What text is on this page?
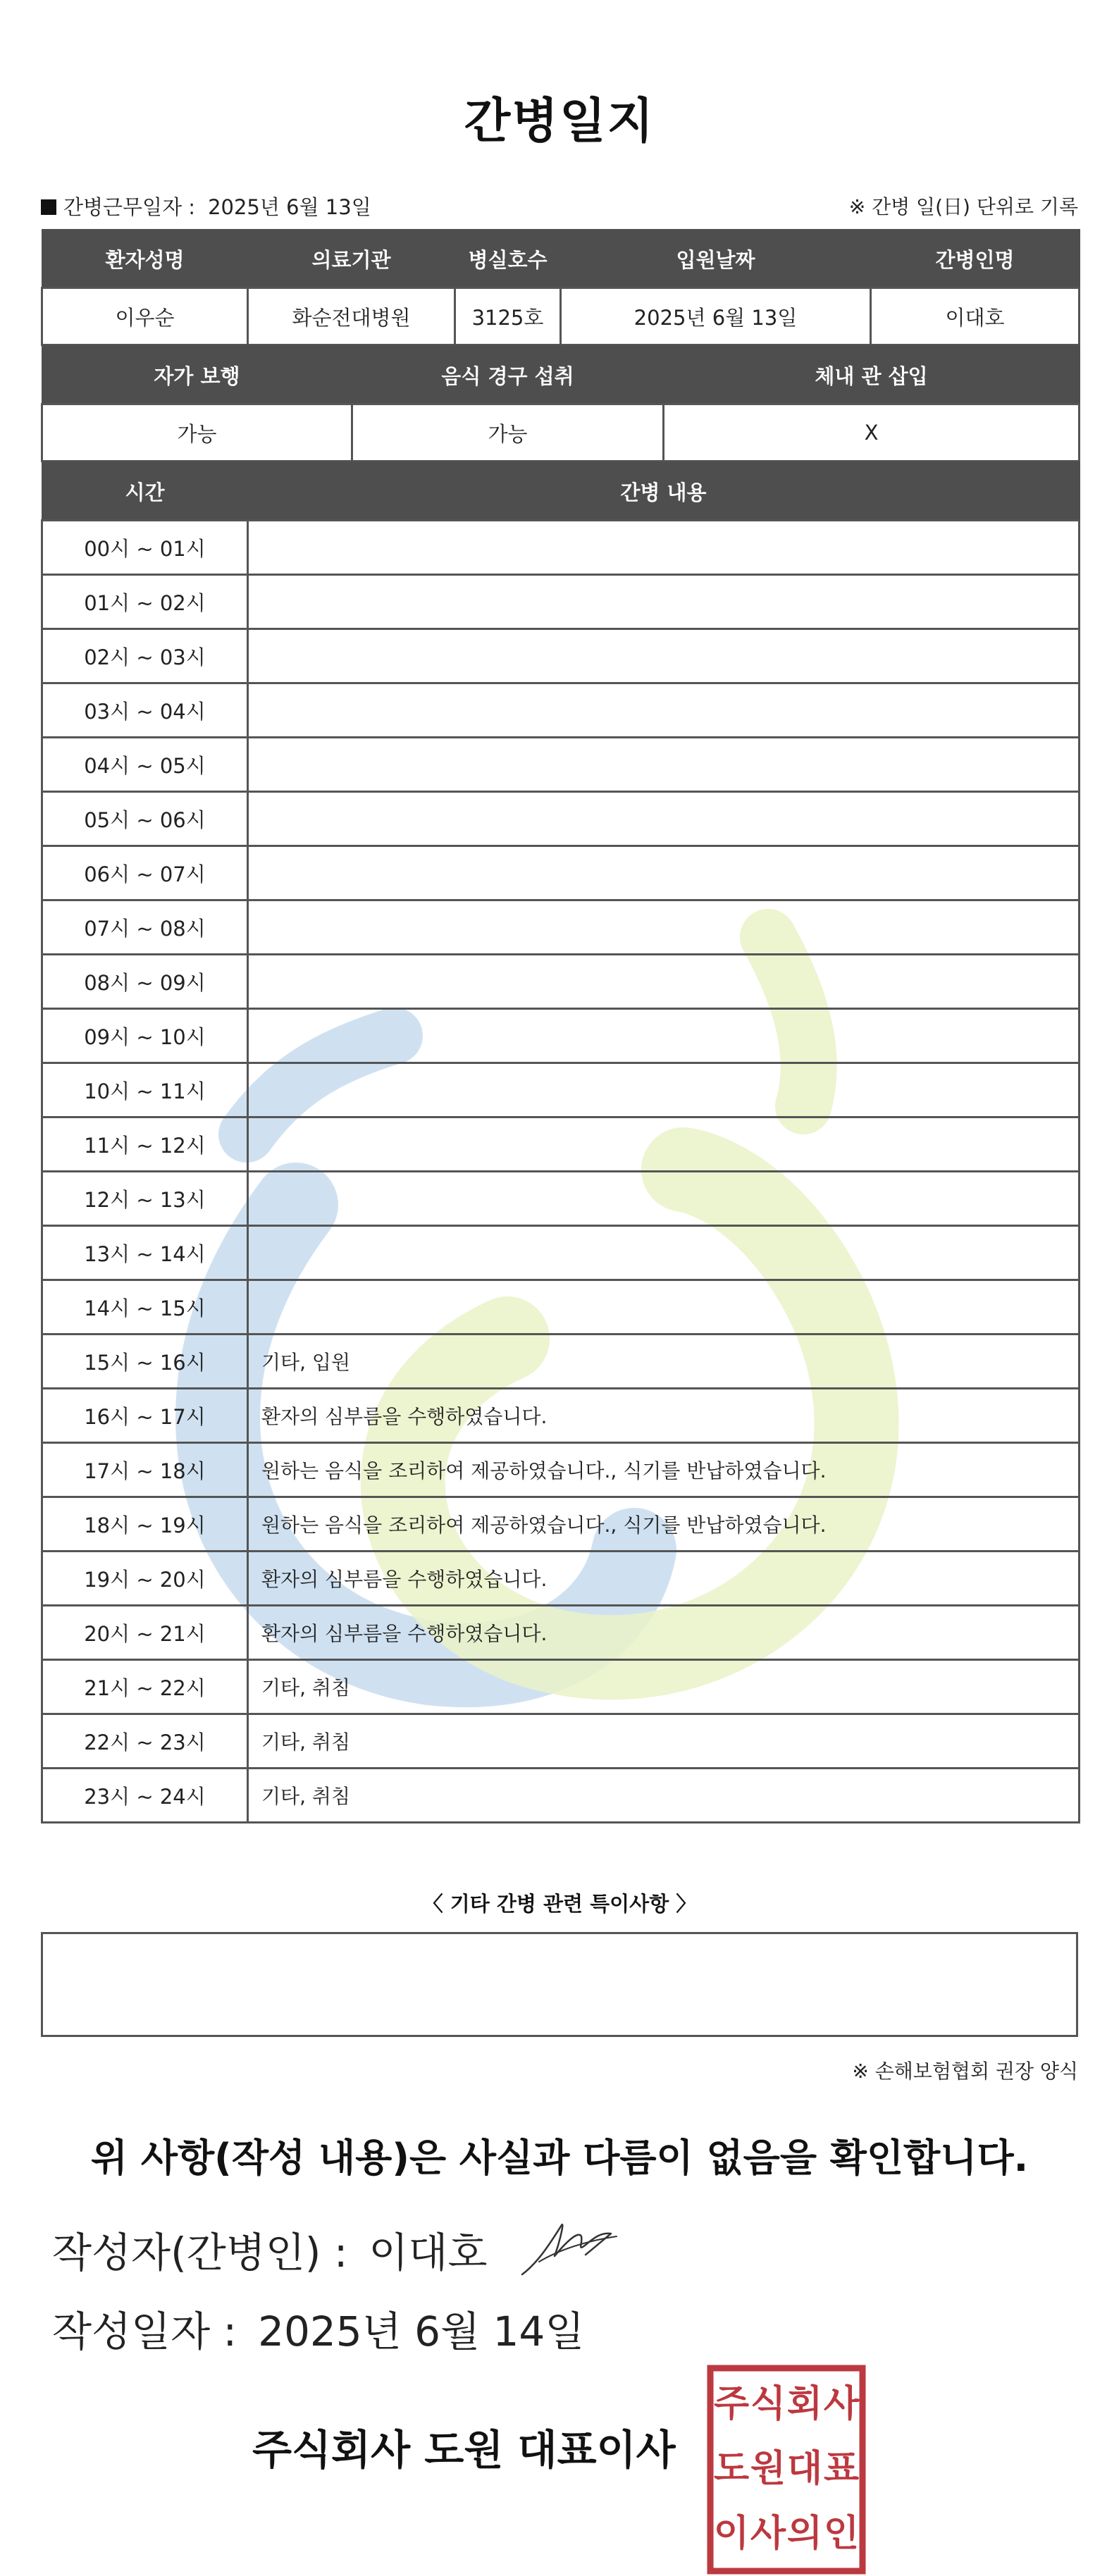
간병일지
간병근무일자 : 2025년 6월 13일	※ 간병 일(日) 단위로 기록
환자성명	의료기관	병실호수	입원날짜	간병인명
이우순	화순전대병원	3125호	2025년 6월 13일	이대호
자가 보행	음식 경구 섭취	체내 관 삽입
가능	가능	X
시간	간병 내용
00시 ~ 01시	
01시 ~ 02시	
02시 ~ 03시	
03시 ~ 04시	
04시 ~ 05시	
05시 ~ 06시	
06시 ~ 07시	
07시 ~ 08시	
08시 ~ 09시	
09시 ~ 10시	
10시 ~ 11시	
11시 ~ 12시	
12시 ~ 13시	
13시 ~ 14시	
14시 ~ 15시	
15시 ~ 16시	기타, 입원
16시 ~ 17시	환자의 심부름을 수행하였습니다.
17시 ~ 18시	원하는 음식을 조리하여 제공하였습니다., 식기를 반납하였습니다.
18시 ~ 19시	원하는 음식을 조리하여 제공하였습니다., 식기를 반납하였습니다.
19시 ~ 20시	환자의 심부름을 수행하였습니다.
20시 ~ 21시	환자의 심부름을 수행하였습니다.
21시 ~ 22시	기타, 취침
22시 ~ 23시	기타, 취침
23시 ~ 24시	기타, 취침
〈 기타 간병 관련 특이사항 〉
※ 손해보험협회 권장 양식
위 사항(작성 내용)은 사실과 다름이 없음을 확인합니다.
작성자(간병인) : 이대호
작성일자 : 2025년 6월 14일
주식회사 도원 대표이사
주식회사
도원대표
이사의인
